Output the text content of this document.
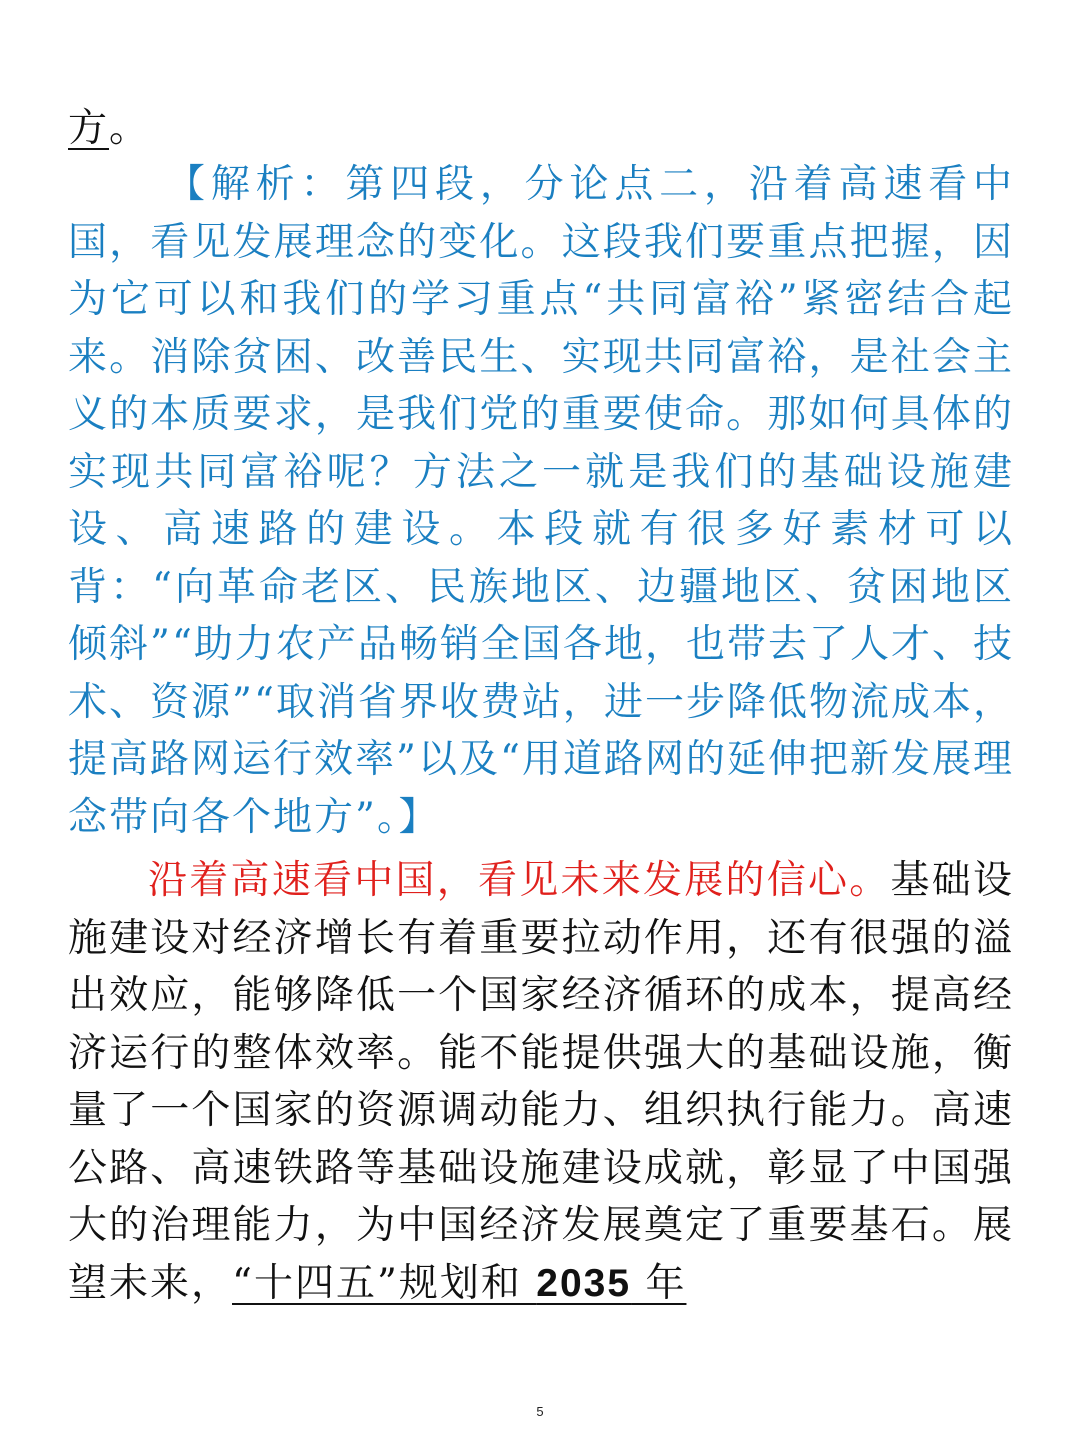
方。

【解析：第四段，分论点二，沿着高速看中国，看见发展理念的变化。这段我们要重点把握，因为它可以和我们的学习重点“共同富裕”紧密结合起来。消除贫困、改善民生、实现共同富裕，是社会主义的本质要求，是我们党的重要使命。那如何具体的实现共同富裕呢？方法之一就是我们的基础设施建设、高速路的建设。本段就有很多好素材可以背：“向革命老区、民族地区、边疆地区、贫困地区倾斜”“助力农产品畅销全国各地，也带去了人才、技术、资源”“取消省界收费站，进一步降低物流成本，提高路网运行效率”以及“用道路网的延伸把新发展理念带向各个地方”。】

沿着高速看中国，看见未来发展的信心。基础设施建设对经济增长有着重要拉动作用，还有很强的溢出效应，能够降低一个国家经济循环的成本，提高经济运行的整体效率。能不能提供强大的基础设施，衡量了一个国家的资源调动能力、组织执行能力。高速公路、高速铁路等基础设施建设成就，彰显了中国强大的治理能力，为中国经济发展奠定了重要基石。展望未来，“十四五”规划和 2035 年

5
